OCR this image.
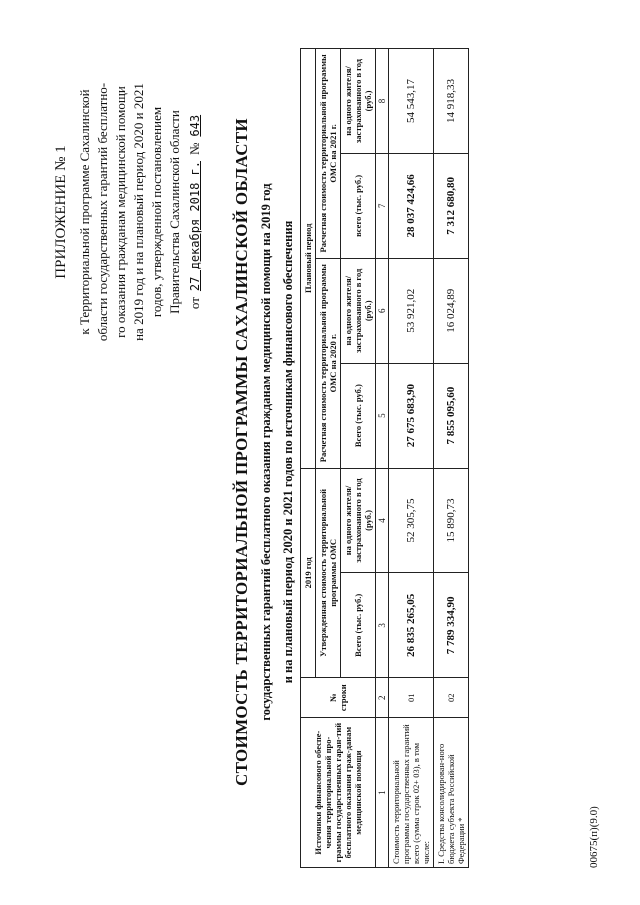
ПРИЛОЖЕНИЕ № 1 к Территориальной программе Сахалинской области государственных гарантий бесплатно- го оказания гражданам медицинской помощи на 2019 год и на плановый период 2020 и 2021 годов, утвержденной постановлением Правительства Сахалинской области от
27 декабря 2018 г.
№
643 СТОИМОСТЬ ТЕРРИТОРИАЛЬНОЙ ПРОГРАММЫ САХАЛИНСКОЙ ОБЛАСТИ государственных гарантий бесплатного оказания гражданам медицинской помощи на 2019 год и на плановый период 2020 и 2021 годов по источникам финансового обеспечения
Источники финансового обеспе-чения территориальной про-граммы государственных гаран-тий бесплатного оказания граж-данам медицинской помощи	№ строки	2019 год		Плановый период			
		Утвержденная стоимость территориальной программы ОМС		Расчетная стоимость территориальной программы ОМС на 2020 г.		Расчетная стоимость территориальной программы ОМС на 2021 г.	
		Всего (тыс. руб.)	на одного жителя/ застрахованного в год (руб.)	Всего (тыс. руб.)	на одного жителя/ застрахованного в год (руб.)	всего (тыс. руб.)	на одного жителя/ застрахованного в год (руб.)
1	2	3	4	5	6	7	8
Стоимость территориальной программы государственных гарантий всего (сумма строк 02+ 03), в том числе:	01	26 835 265,05	52 305,75	27 675 683,90	53 921,02	28 037 424,66	54 543,17
I. Средства консолидирован-ного бюджета субъекта Российской Федерации *	02	7 789 334,90	15 890,73	7 855 095,60	16 024,89	7 312 680,80	14 918,33
00675(п)(9.0)
